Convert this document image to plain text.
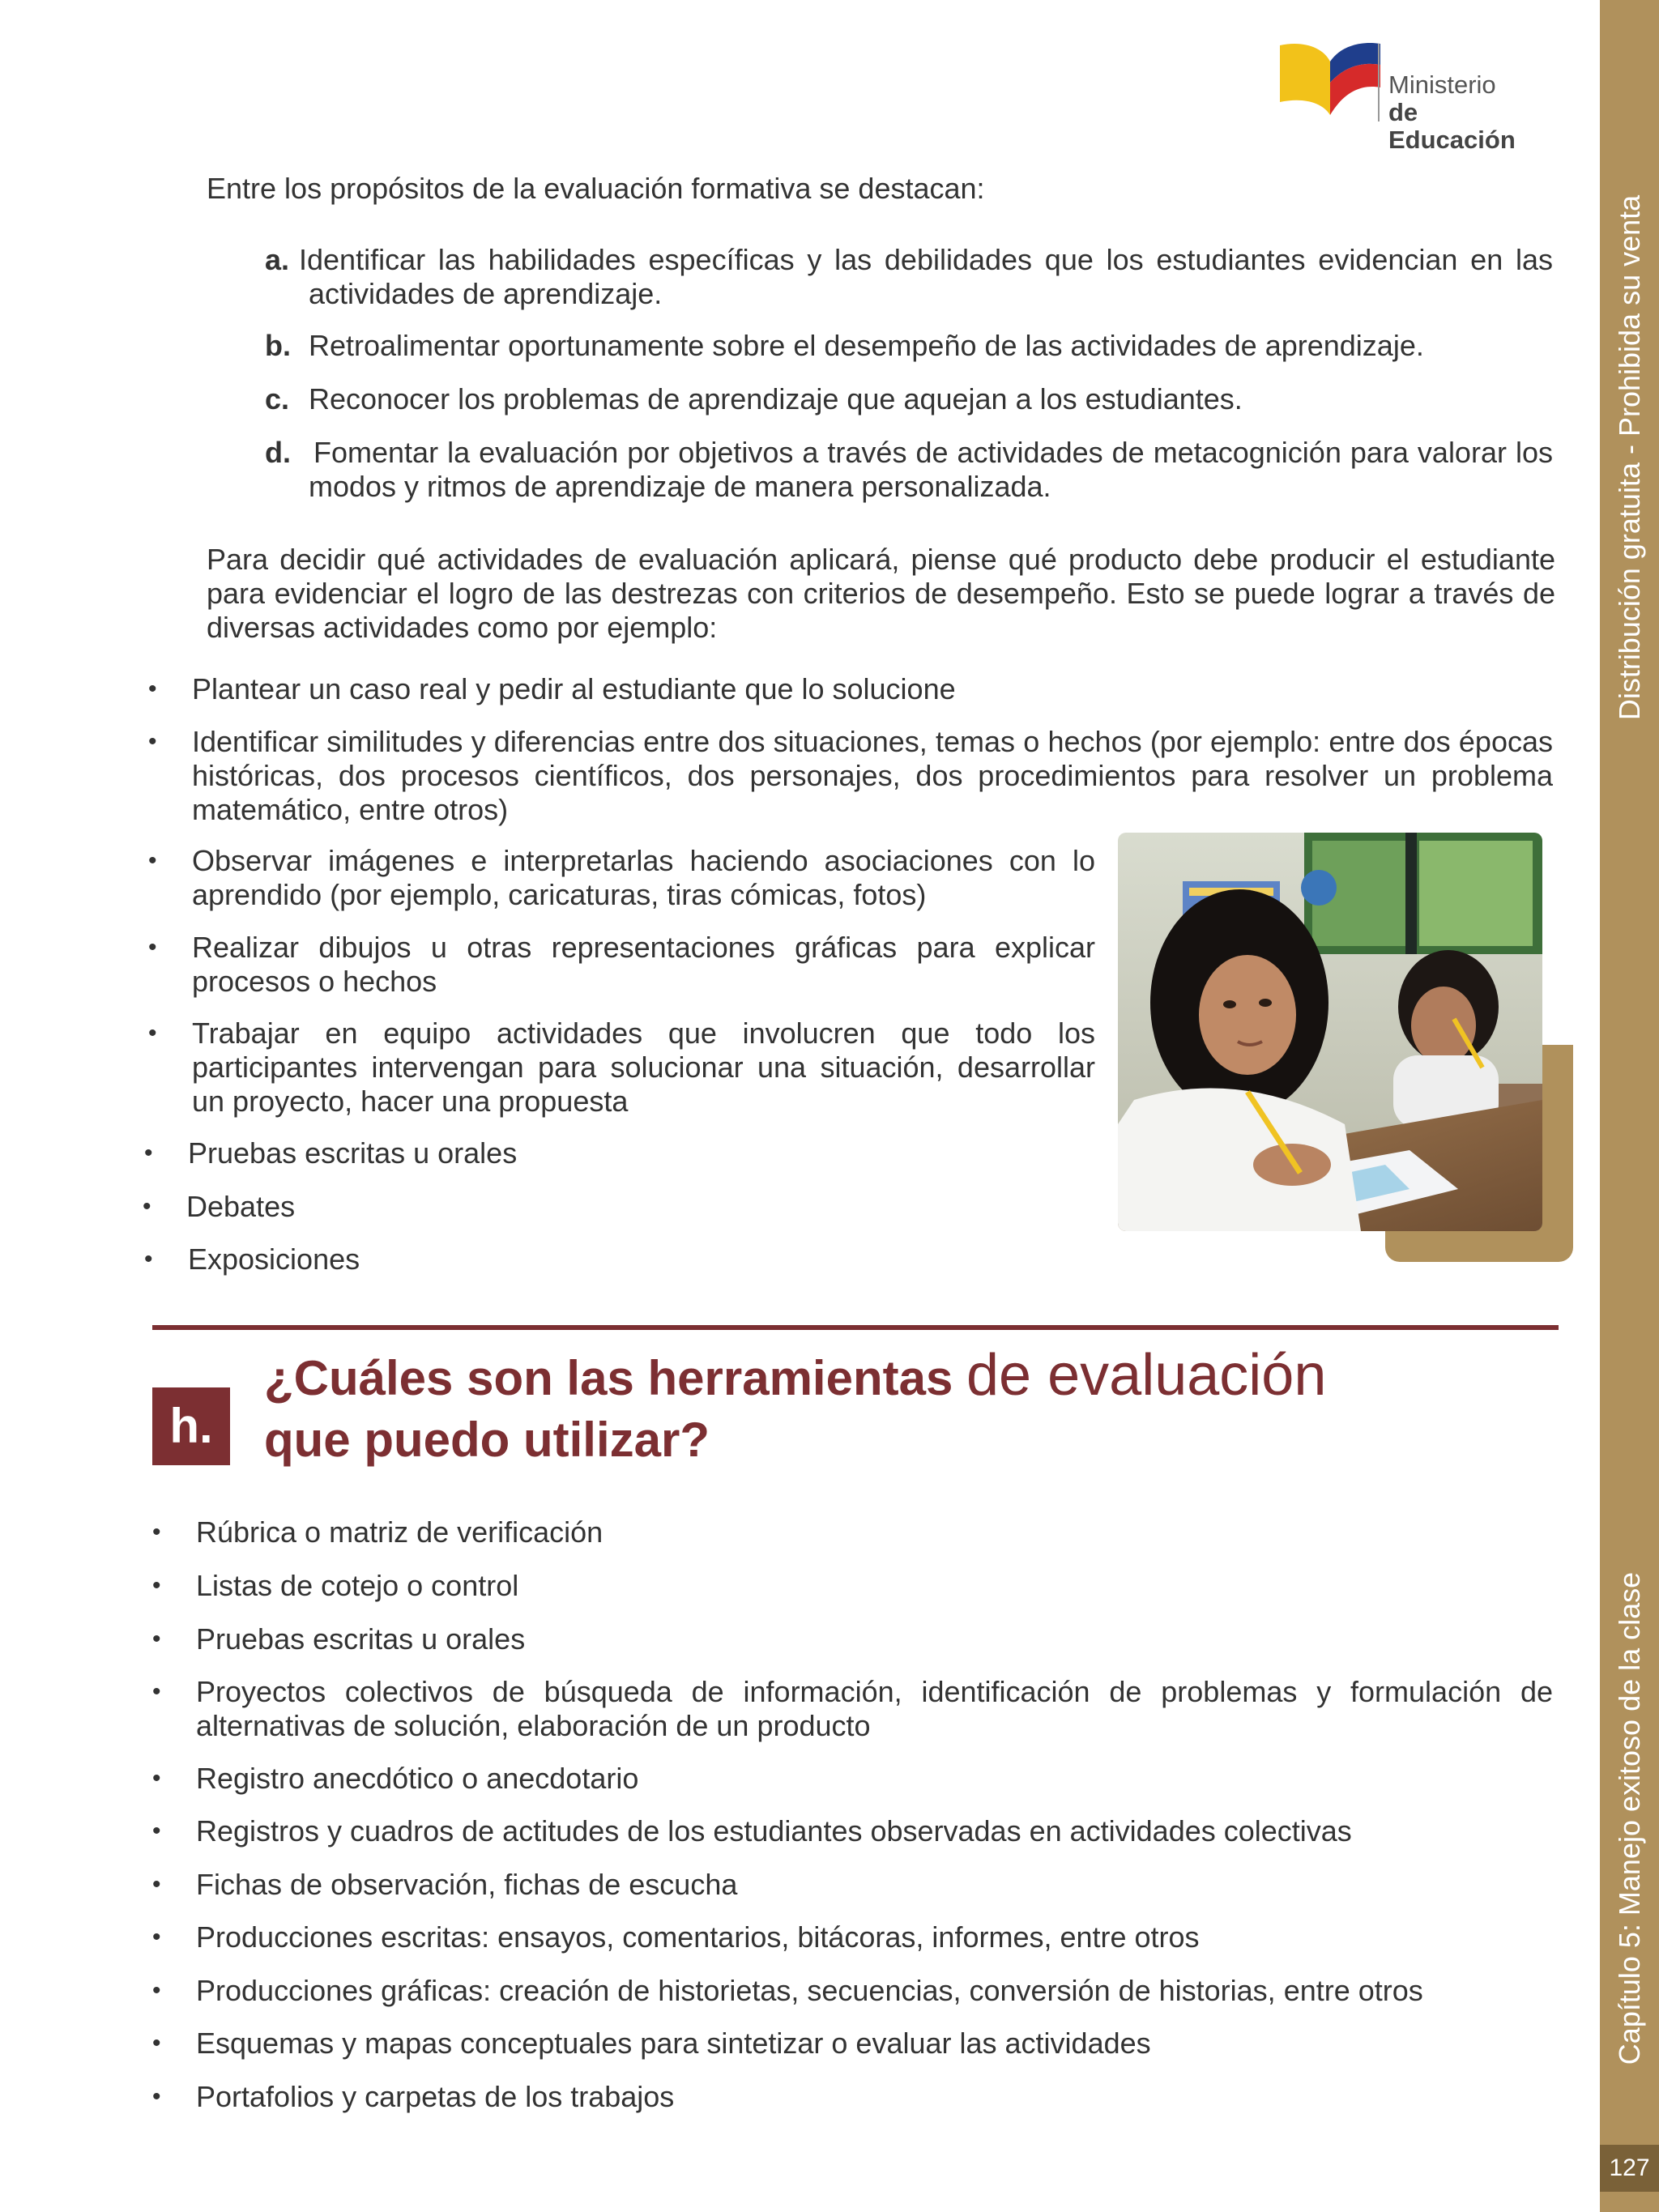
Ministerio
de Educación
Distribución gratuita - Prohibida su venta
Capítulo 5: Manejo exitoso de la clase
127
Entre los propósitos de la evaluación formativa se destacan:
a. Identificar las habilidades específicas y las debilidades que los estudiantes evidencian en las actividades de aprendizaje.
b. Retroalimentar oportunamente sobre el desempeño de las actividades de aprendizaje.
c. Reconocer los problemas de aprendizaje que aquejan a los estudiantes.
d. Fomentar la evaluación por objetivos a través de actividades de metacognición para valorar los modos y ritmos de aprendizaje de manera personalizada.
Para decidir qué actividades de evaluación aplicará, piense qué producto debe producir el estudiante para evidenciar el logro de las destrezas con criterios de desempeño. Esto se puede lograr a través de diversas actividades como por ejemplo:
• Plantear un caso real y pedir al estudiante que lo solucione
• Identificar similitudes y diferencias entre dos situaciones, temas o hechos (por ejemplo: entre dos épocas históricas, dos procesos científicos, dos personajes, dos procedimientos para resolver un problema matemático, entre otros)
• Observar imágenes e interpretarlas haciendo asociaciones con lo aprendido (por ejemplo, caricaturas, tiras cómicas, fotos)
• Realizar dibujos u otras representaciones gráficas para explicar procesos o hechos
• Trabajar en equipo actividades que involucren que todo los participantes intervengan para solucionar una situación, desarrollar un proyecto, hacer una propuesta
• Pruebas escritas u orales
• Debates
• Exposiciones
h.
¿Cuáles son las herramientas de evaluación
que puedo utilizar?
• Rúbrica o matriz de verificación
• Listas de cotejo o control
• Pruebas escritas u orales
• Proyectos colectivos de búsqueda de información, identificación de problemas y formulación de alternativas de solución, elaboración de un producto
• Registro anecdótico o anecdotario
• Registros y cuadros de actitudes de los estudiantes observadas en actividades colectivas
• Fichas de observación, fichas de escucha
• Producciones escritas: ensayos, comentarios, bitácoras, informes, entre otros
• Producciones gráficas: creación de historietas, secuencias, conversión de historias, entre otros
• Esquemas y mapas conceptuales para sintetizar o evaluar las actividades
• Portafolios y carpetas de los trabajos
